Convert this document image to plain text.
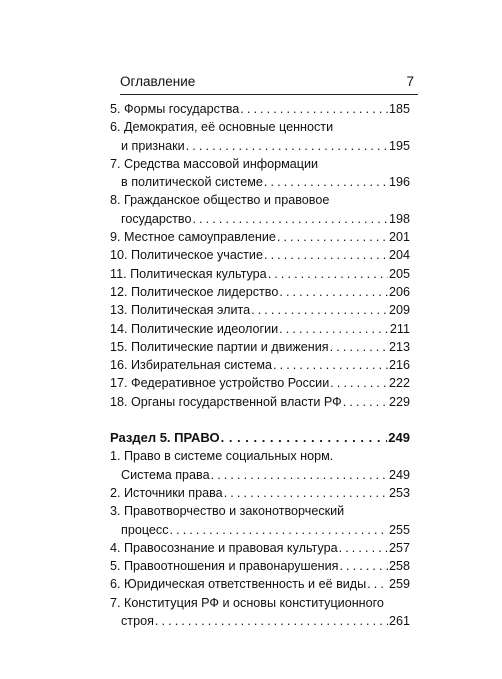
Оглавление	7
5. Формы государства . . .	185
6. Демократия, её основные ценности
и признаки . . .	195
7. Средства массовой информации
в политической системе . . .	196
8. Гражданское общество и правовое
государство . . .	198
9. Местное самоуправление . . .	201
10. Политическое участие . . .	204
11. Политическая культура . . .	205
12. Политическое лидерство . . .	206
13. Политическая элита . . .	209
14. Политические идеологии . . .	211
15. Политические партии и движения . . .	213
16. Избирательная система . . .	216
17. Федеративное устройство России . . .	222
18. Органы государственной власти РФ . . .	229
Раздел 5. ПРАВО . . .	249
1. Право в системе социальных норм.
Система права . . .	249
2. Источники права . . .	253
3. Правотворчество и законотворческий
процесс . . .	255
4. Правосознание и правовая культура . . .	257
5. Правоотношения и правонарушения . . .	258
6. Юридическая ответственность и её виды . . . 259
7. Конституция РФ и основы конституционного
строя . . .	261
